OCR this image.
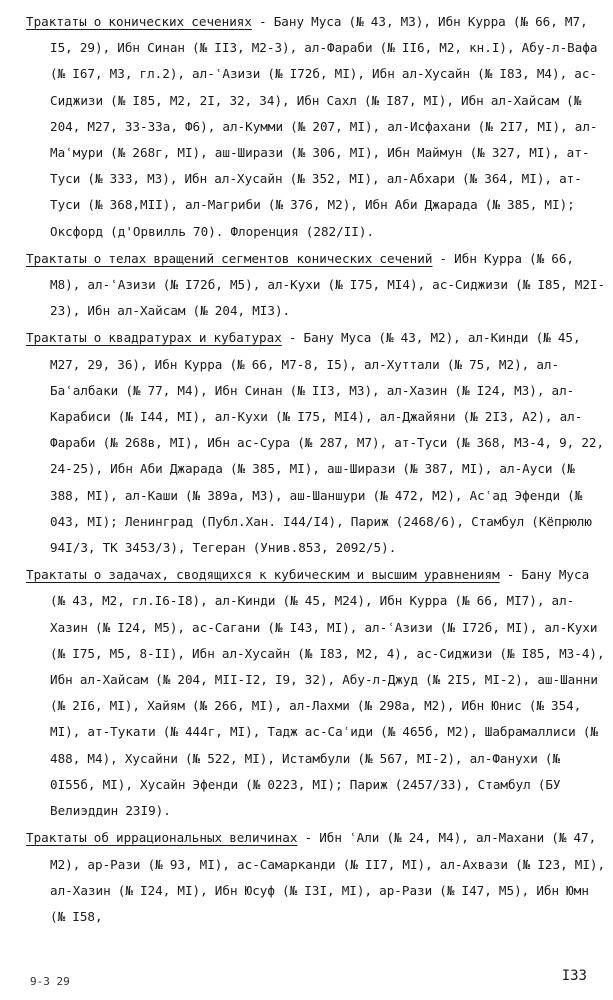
Трактаты о конических сечениях - Бану Муса (№ 43, М3), Ибн Курра (№ 66, М7, I5, 29), Ибн Синан (№ II3, М2-3), ал-Фараби (№ II6, М2, кн.I), Абу-л-Вафа (№ I67, М3, гл.2), ал-ʿАзизи (№ I72б, МI), Ибн ал-Хусайн (№ I83, М4), ас-Сиджизи (№ I85, М2, 2I, 32, 34), Ибн Сахл (№ I87, МI), Ибн ал-Хайсам (№ 204, М27, 33-33а, Ф6), ал-Кумми (№ 207, МI), ал-Исфахани (№ 2I7, МI), ал-Маʿмури (№ 268г, МI), аш-Ширази (№ 306, МI), Ибн Маймун (№ 327, МI), ат-Туси (№ 333, М3), Ибн ал-Хусайн (№ 352, МI), ал-Абхари (№ 364, МI), ат-Туси (№ 368,МII), ал-Магриби (№ 376, М2), Ибн Аби Джарада (№ 385, МI); Оксфорд (д'Орвилль 70). Флоренция (282/II).

Трактаты о телах вращений сегментов конических сечений - Ибн Курра (№ 66, М8), ал-ʿАзизи (№ I72б, М5), ал-Кухи (№ I75, МI4), ас-Сиджизи (№ I85, М2I-23), Ибн ал-Хайсам (№ 204, МI3).

Трактаты о квадратурах и кубатурах - Бану Муса (№ 43, М2), ал-Кинди (№ 45, М27, 29, 36), Ибн Курра (№ 66, М7-8, I5), ал-Хуттали (№ 75, М2), ал-Баʿалбаки (№ 77, М4), Ибн Синан (№ II3, М3), ал-Хазин (№ I24, М3), ал-Карабиси (№ I44, МI), ал-Кухи (№ I75, МI4), ал-Джайяни (№ 2I3, А2), ал-Фараби (№ 268в, МI), Ибн ас-Сура (№ 287, М7), ат-Туси (№ 368, М3-4, 9, 22, 24-25), Ибн Аби Джарада (№ 385, МI), аш-Ширази (№ 387, МI), ал-Ауси (№ 388, МI), ал-Каши (№ 389а, М3), аш-Шаншури (№ 472, М2), Асʿад Эфенди (№ 043, МI); Ленинград (Публ.Хан. I44/I4), Париж (2468/6), Стамбул (Кёпрюлю 94I/3, ТК 3453/3), Тегеран (Унив.853, 2092/5).

Трактаты о задачах, сводящихся к кубическим и высшим уравнениям - Бану Муса (№ 43, М2, гл.I6-I8), ал-Кинди (№ 45, М24), Ибн Курра (№ 66, МI7), ал-Хазин (№ I24, М5), ас-Сагани (№ I43, МI), ал-ʿАзизи (№ I72б, МI), ал-Кухи (№ I75, М5, 8-II), Ибн ал-Хусайн (№ I83, М2, 4), ас-Сиджизи (№ I85, М3-4), Ибн ал-Хайсам (№ 204, МII-I2, I9, 32), Абу-л-Джуд (№ 2I5, МI-2), аш-Шанни (№ 2I6, МI), Хайям (№ 266, МI), ал-Лахми (№ 298а, М2), Ибн Юнис (№ 354, МI), ат-Тукати (№ 444г, МI), Тадж ас-Саʿиди (№ 465б, М2), Шабрамаллиси (№ 488, М4), Хусайни (№ 522, МI), Истамбули (№ 567, МI-2), ал-Фанухи (№ 0I55б, МI), Хусайн Эфенди (№ 0223, МI); Париж (2457/33), Стамбул (БУ Велиэддин 23I9).

Трактаты об иррациональных величинах - Ибн ʿАли (№ 24, М4), ал-Махани (№ 47, М2), ар-Рази (№ 93, МI), ас-Самарканди (№ II7, МI), ал-Ахвази (№ I23, МI), ал-Хазин (№ I24, МI), Ибн Юсуф (№ I3I, МI), ар-Рази (№ I47, М5), Ибн Юмн (№ I58,

9-3 29	I33
